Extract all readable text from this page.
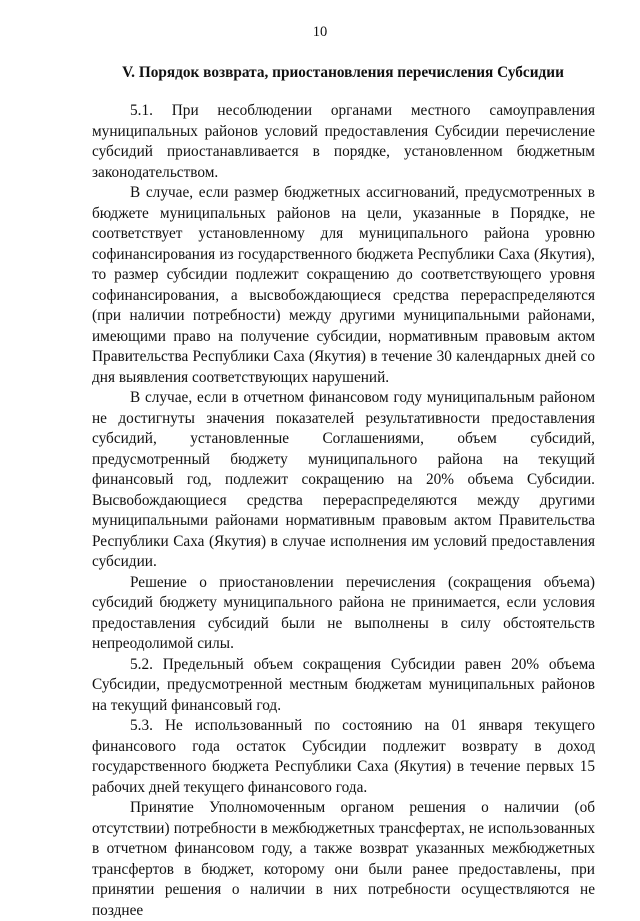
10
V. Порядок возврата, приостановления перечисления Субсидии

5.1. При несоблюдении органами местного самоуправления муниципальных районов условий предоставления Субсидии перечисление субсидий приостанавливается в порядке, установленном бюджетным законодательством.

В случае, если размер бюджетных ассигнований, предусмотренных в бюджете муниципальных районов на цели, указанные в Порядке, не соответствует установленному для муниципального района уровню софинансирования из государственного бюджета Республики Саха (Якутия), то размер субсидии подлежит сокращению до соответствующего уровня софинансирования, а высвобождающиеся средства перераспределяются (при наличии потребности) между другими муниципальными районами, имеющими право на получение субсидии, нормативным правовым актом Правительства Республики Саха (Якутия) в течение 30 календарных дней со дня выявления соответствующих нарушений.

В случае, если в отчетном финансовом году муниципальным районом не достигнуты значения показателей результативности предоставления субсидий, установленные Соглашениями, объем субсидий, предусмотренный бюджету муниципального района на текущий финансовый год, подлежит сокращению на 20% объема Субсидии. Высвобождающиеся средства перераспределяются между другими муниципальными районами нормативным правовым актом Правительства Республики Саха (Якутия) в случае исполнения им условий предоставления субсидии.

Решение о приостановлении перечисления (сокращения объема) субсидий бюджету муниципального района не принимается, если условия предоставления субсидий были не выполнены в силу обстоятельств непреодолимой силы.

5.2. Предельный объем сокращения Субсидии равен 20% объема Субсидии, предусмотренной местным бюджетам муниципальных районов на текущий финансовый год.

5.3. Не использованный по состоянию на 01 января текущего финансового года остаток Субсидии подлежит возврату в доход государственного бюджета Республики Саха (Якутия) в течение первых 15 рабочих дней текущего финансового года.

Принятие Уполномоченным органом решения о наличии (об отсутствии) потребности в межбюджетных трансфертах, не использованных в отчетном финансовом году, а также возврат указанных межбюджетных трансфертов в бюджет, которому они были ранее предоставлены, при принятии решения о наличии в них потребности осуществляются не позднее
